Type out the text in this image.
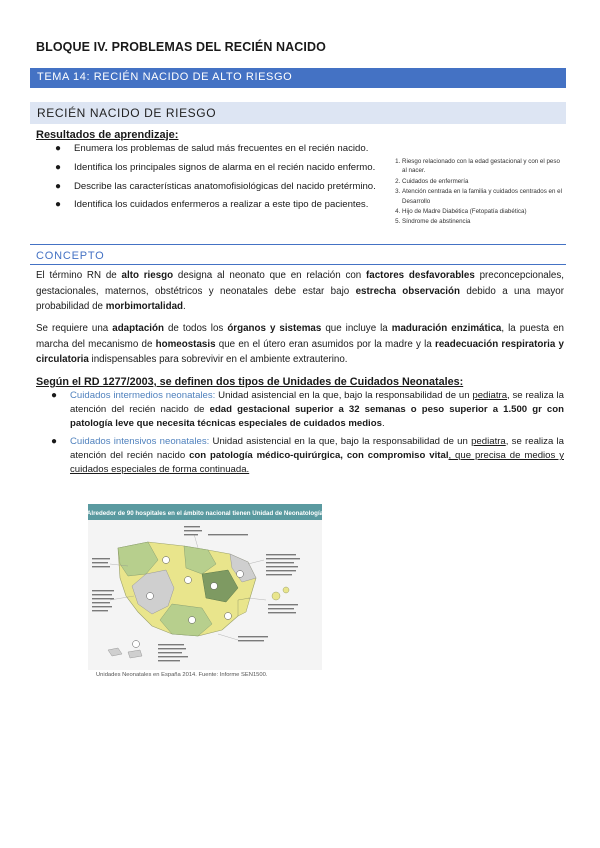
BLOQUE IV. PROBLEMAS DEL RECIÉN NACIDO
TEMA 14: RECIÉN NACIDO DE ALTO RIESGO
RECIÉN NACIDO DE RIESGO
Resultados de aprendizaje:
● Enumera los problemas de salud más frecuentes en el recién nacido.
● Identifica los principales signos de alarma en el recién nacido enfermo.
● Describe las características anatomofisiológicas del nacido pretérmino.
● Identifica los cuidados enfermeros a realizar a este tipo de pacientes.
1. Riesgo relacionado con la edad gestacional y con el peso al nacer.
2. Cuidados de enfermería
3. Atención centrada en la familia y cuidados centrados en el Desarrollo
4. Hijo de Madre Diabética (Fetopatía diabética)
5. Síndrome de abstinencia
CONCEPTO
El término RN de alto riesgo designa al neonato que en relación con factores desfavorables preconcepcionales, gestacionales, maternos, obstétricos y neonatales debe estar bajo estrecha observación debido a una mayor probabilidad de morbimortalidad.
Se requiere una adaptación de todos los órganos y sistemas que incluye la maduración enzimática, la puesta en marcha del mecanismo de homeostasis que en el útero eran asumidos por la madre y la readecuación respiratoria y circulatoria indispensables para sobrevivir en el ambiente extrauterino.
Según el RD 1277/2003, se definen dos tipos de Unidades de Cuidados Neonatales:
● Cuidados intermedios neonatales: Unidad asistencial en la que, bajo la responsabilidad de un pediatra, se realiza la atención del recién nacido de edad gestacional superior a 32 semanas o peso superior a 1.500 gr con patología leve que necesita técnicas especiales de cuidados medios.
● Cuidados intensivos neonatales: Unidad asistencial en la que, bajo la responsabilidad de un pediatra, se realiza la atención del recién nacido con patología médico-quirúrgica, con compromiso vital, que precisa de medios y cuidados especiales de forma continuada.
Alrededor de 90 hospitales en el ámbito nacional tienen Unidad de Neonatología
Unidades Neonatales en España 2014. Fuente: Informe SEN1500.
